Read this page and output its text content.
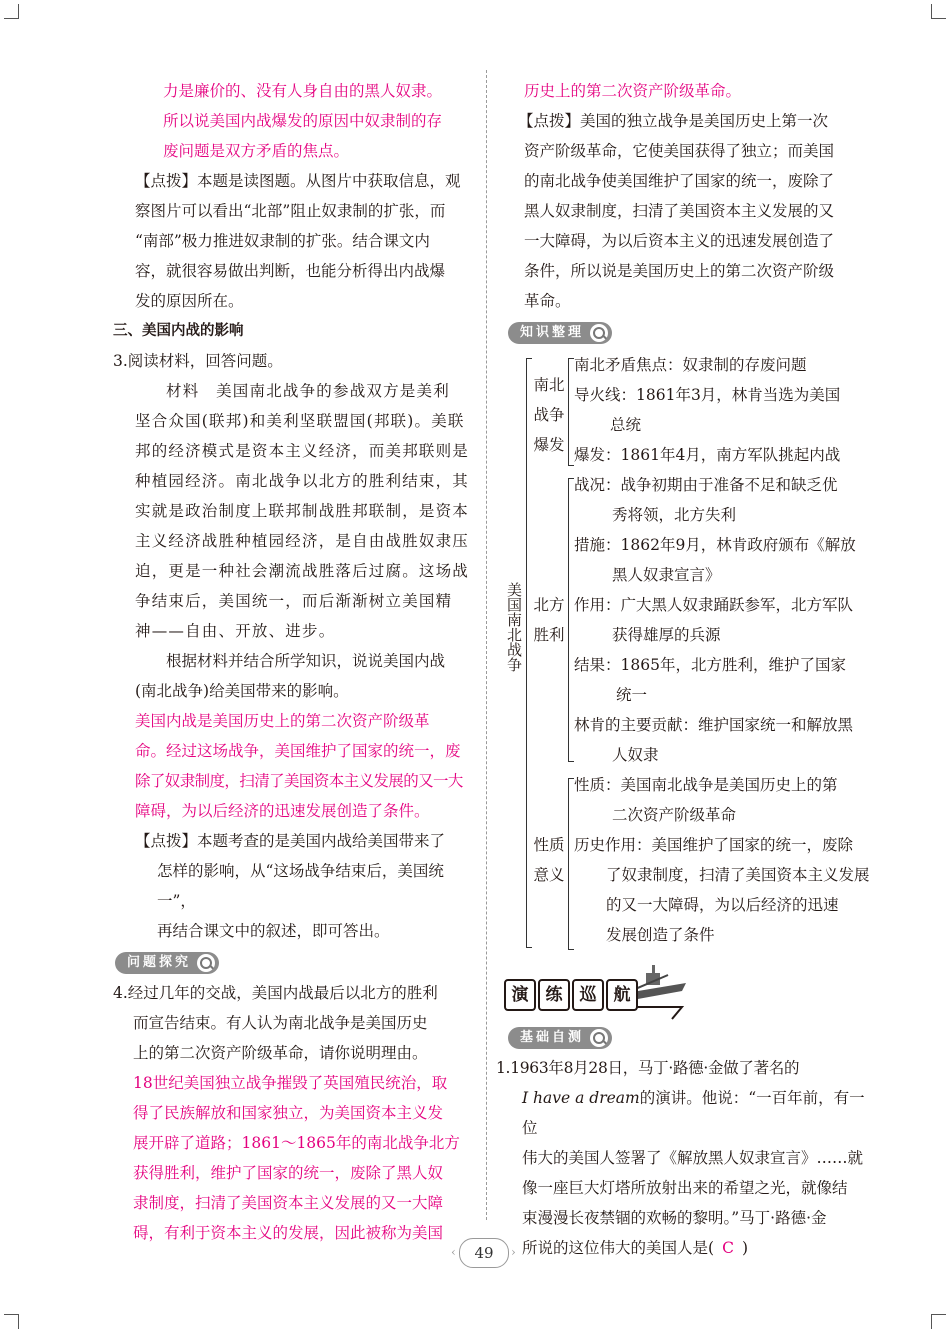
力是廉价的、没有人身自由的黑人奴隶。

所以说美国内战爆发的原因中奴隶制的存

废问题是双方矛盾的焦点。

【点拨】本题是读图题。从图片中获取信息，观

察图片可以看出“北部”阻止奴隶制的扩张，而

“南部”极力推进奴隶制的扩张。结合课文内

容，就很容易做出判断，也能分析得出内战爆

发的原因所在。

三、美国内战的影响

3.阅读材料，回答问题。

材料　美国南北战争的参战双方是美利

坚合众国(联邦)和美利坚联盟国(邦联)。美联

邦的经济模式是资本主义经济，而美邦联则是

种植园经济。南北战争以北方的胜利结束，其

实就是政治制度上联邦制战胜邦联制，是资本

主义经济战胜种植园经济，是自由战胜奴隶压

迫，更是一种社会潮流战胜落后过腐。这场战

争结束后，美国统一，而后渐渐树立美国精

神——自由、开放、进步。

根据材料并结合所学知识，说说美国内战

(南北战争)给美国带来的影响。

美国内战是美国历史上的第二次资产阶级革

命。经过这场战争，美国维护了国家的统一，废

除了奴隶制度，扫清了美国资本主义发展的又一大

障碍，为以后经济的迅速发展创造了条件。

【点拨】本题考查的是美国内战给美国带来了

怎样的影响，从“这场战争结束后，美国统一”，

再结合课文中的叙述，即可答出。

问题探究

4.经过几年的交战，美国内战最后以北方的胜利

而宣告结束。有人认为南北战争是美国历史

上的第二次资产阶级革命，请你说明理由。

18世纪美国独立战争摧毁了英国殖民统治，取

得了民族解放和国家独立，为美国资本主义发

展开辟了道路；1861～1865年的南北战争北方

获得胜利，维护了国家的统一，废除了黑人奴

隶制度，扫清了美国资本主义发展的又一大障

碍，有利于资本主义的发展，因此被称为美国

历史上的第二次资产阶级革命。

【点拨】美国的独立战争是美国历史上第一次

资产阶级革命，它使美国获得了独立；而美国

的南北战争使美国维护了国家的统一，废除了

黑人奴隶制度，扫清了美国资本主义发展的又

一大障碍，为以后资本主义的迅速发展创造了

条件，所以说是美国历史上的第二次资产阶级

革命。

知识整理
美国南北战争
南北战争爆发
南北矛盾焦点：奴隶制的存废问题
导火线：1861年3月，林肯当选为美国
总统
爆发：1861年4月，南方军队挑起内战
北方胜利
战况：战争初期由于准备不足和缺乏优
秀将领，北方失利
措施：1862年9月，林肯政府颁布《解放
黑人奴隶宣言》
作用：广大黑人奴隶踊跃参军，北方军队
获得雄厚的兵源
结果：1865年，北方胜利，维护了国家
统一
林肯的主要贡献：维护国家统一和解放黑
人奴隶
性质意义
性质：美国南北战争是美国历史上的第
二次资产阶级革命
历史作用：美国维护了国家的统一，废除
了奴隶制度，扫清了美国资本主义发展
的又一大障碍，为以后经济的迅速
发展创造了条件
演	练	巡	航
基础自测

1.1963年8月28日，马丁·路德·金做了著名的

I have a dream的演讲。他说：“一百年前，有一位

伟大的美国人签署了《解放黑人奴隶宣言》……就

像一座巨大灯塔所放射出来的希望之光，就像结

束漫漫长夜禁锢的欢畅的黎明。”马丁·路德·金

所说的这位伟大的美国人是( C )

‹	49	›
